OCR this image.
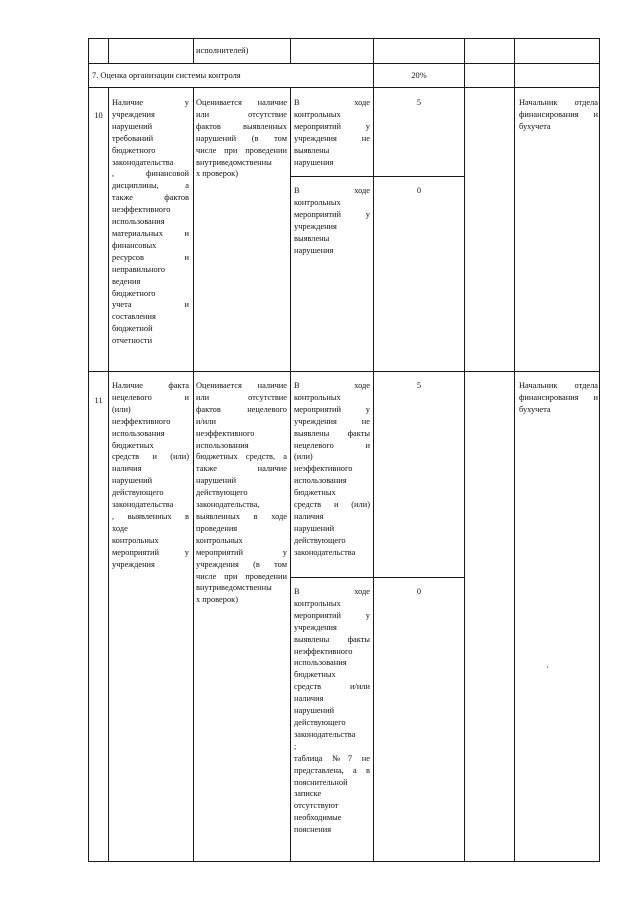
исполнителей)
7. Оценка организации системы контроля	20%
10

Наличие у

учреждения

нарушений

требований

бюджетного

законодательства

, финансовой

дисциплины, а

также фактов

неэффективного

использования

материальных и

финансовых

ресурсов и

неправильного

ведения

бюджетного

учета и

составления

бюджетной

отчетности

Оценивается наличие

или отсутствие

фактов выявленных

нарушений (в том

числе при проведении

внутриведомственны

х проверок)

В ходе

контрольных

мероприятий у

учреждения не

выявлены

нарушения

5

В ходе

контрольных

мероприятий у

учреждения

выявлены

нарушения

0

Начальник отдела

финансирования и

бухучета

11

Наличие факта

нецелевого и

(или)

неэффективного

использования

бюджетных

средств и (или)

наличия

нарушений

действующего

законодательства

, выявленных в

ходе

контрольных

мероприятий у

учреждения

Оценивается наличие

или отсутствие

фактов нецелевого

и/или

неэффективного

использования

бюджетных средств, а

также наличие

нарушений

действующего

законодательства,

выявленных в ходе

проведения

контрольных

мероприятий у

учреждения (в том

числе при проведении

внутриведомственны

х проверок)

В ходе

контрольных

мероприятий у

учреждения не

выявлены факты

нецелевого и

(или)

неэффективного

использования

бюджетных

средств и (или)

наличия

нарушений

действующего

законодательства

5

В ходе

контрольных

мероприятий у

учреждения

выявлены факты

неэффективного

использования

бюджетных

средств и/или

наличия

нарушений

действующего

законодательства

;

таблица №7 не

представлена, а в

пояснительной

записке

отсутствуют

необходимые

пояснения

0

Начальник отдела

финансирования и

бухучета
